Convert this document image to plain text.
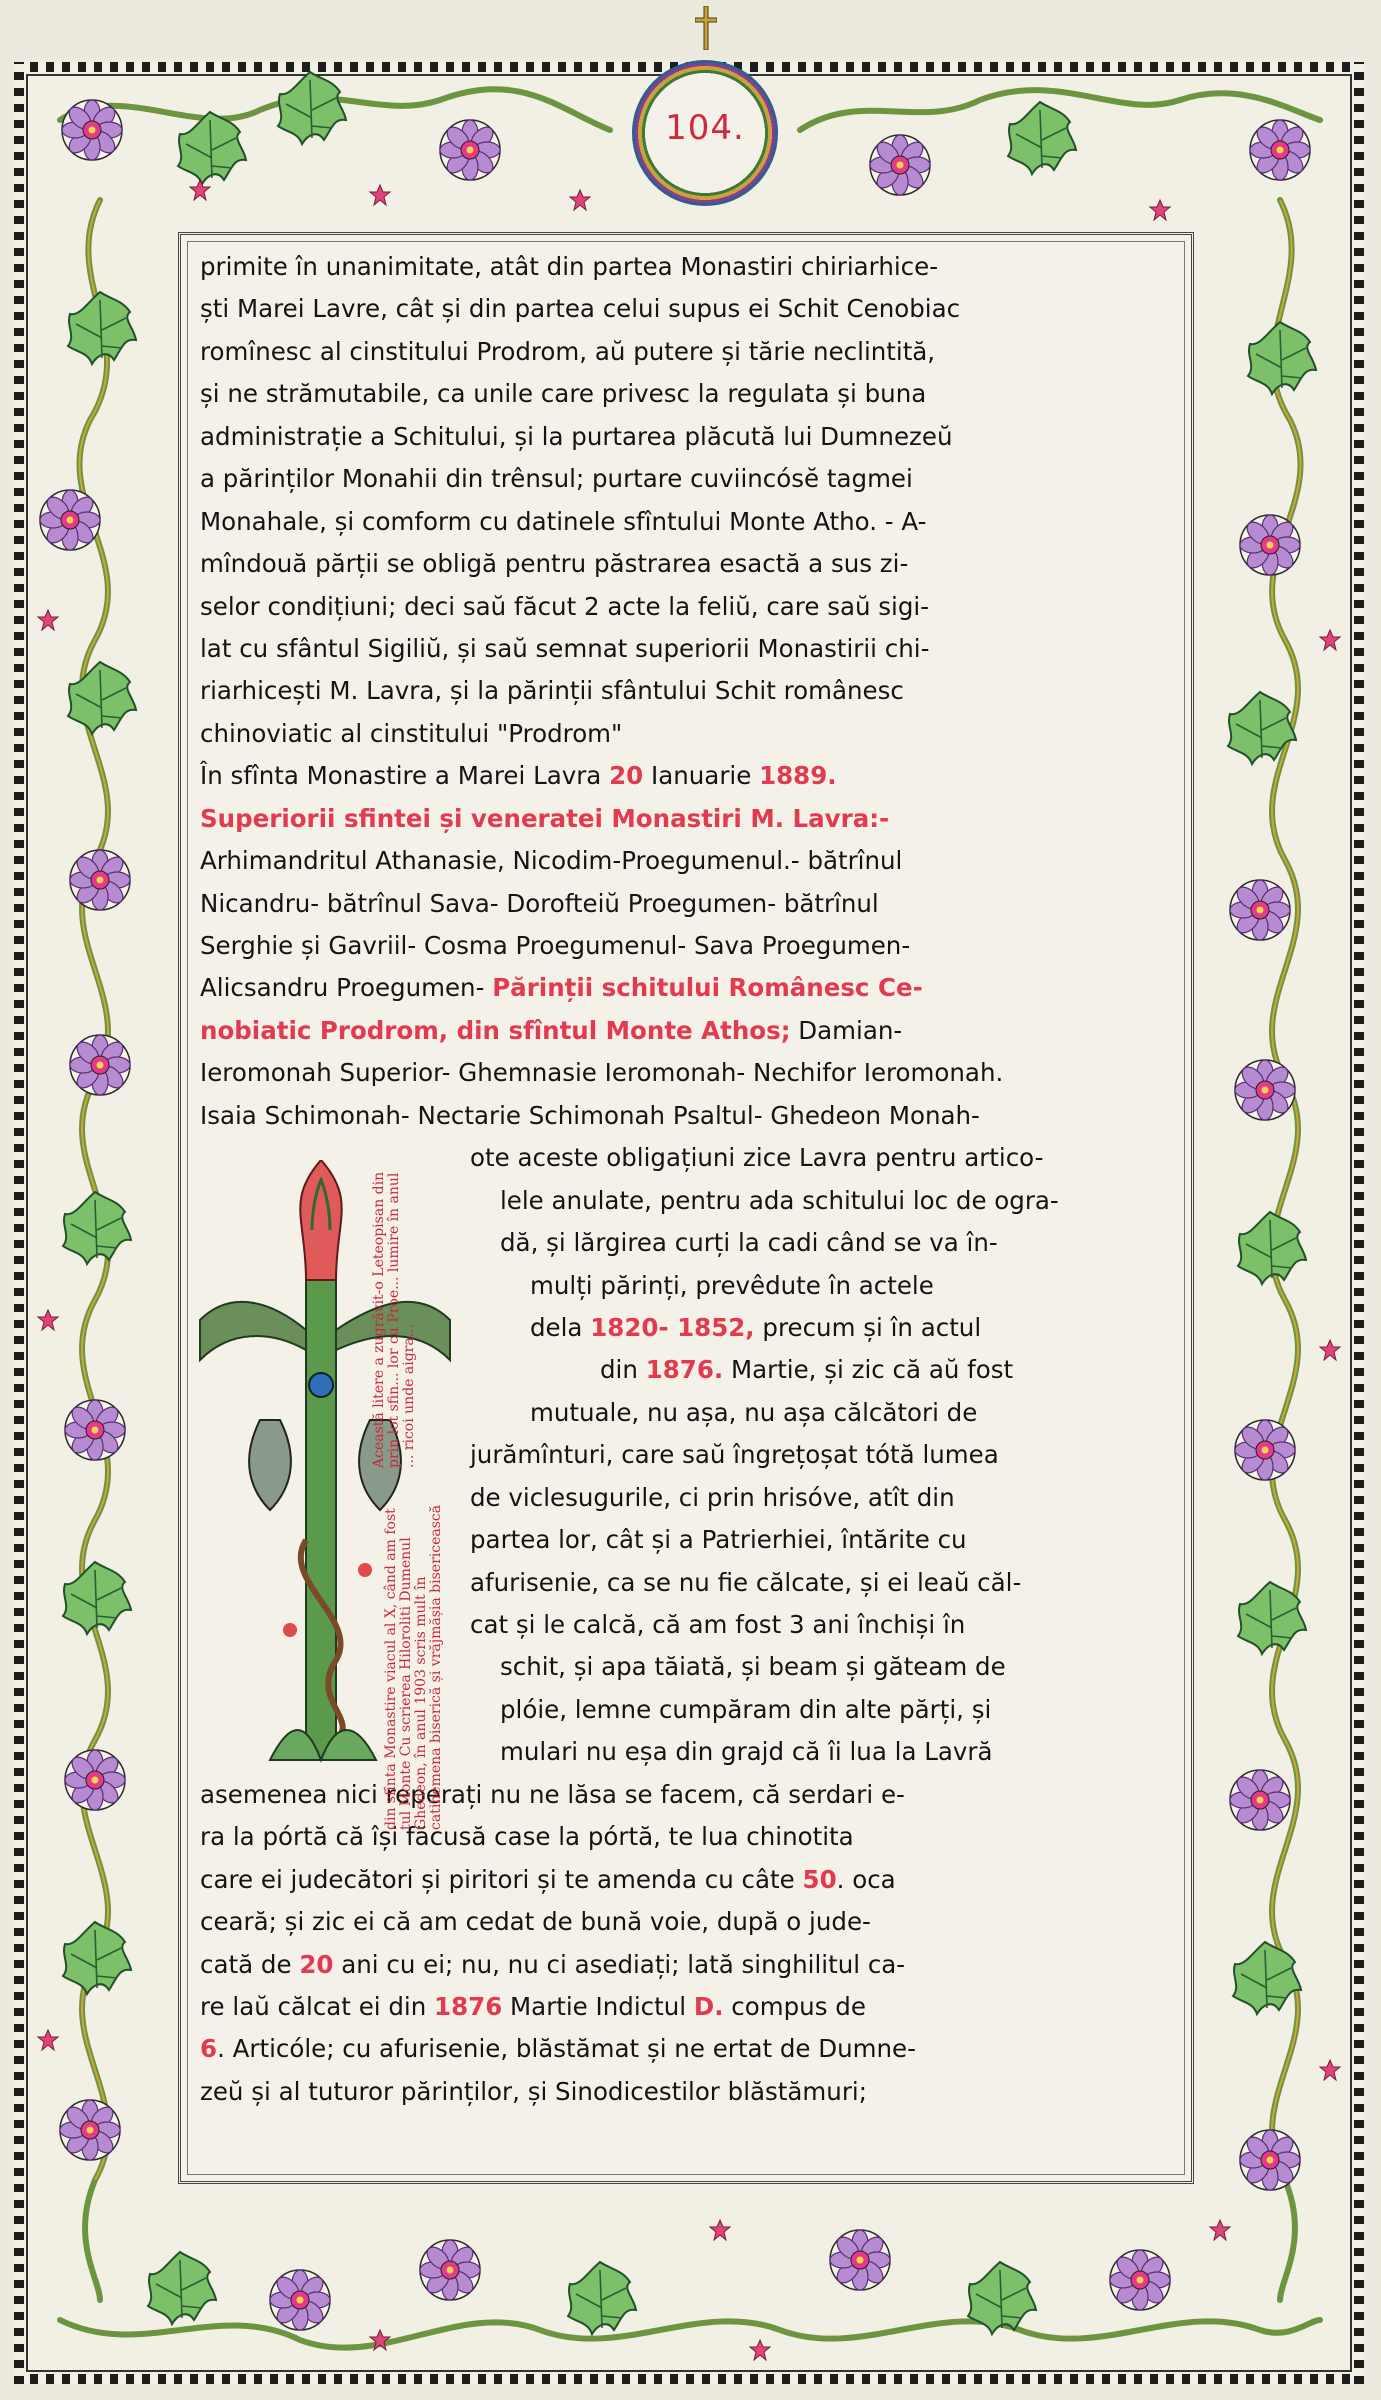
104.
primite în unanimitate, atât din partea Monastiri chiriarhice-
ști Marei Lavre, cât și din partea celui supus ei Schit Cenobiac
romînesc al cinstitului Prodrom, aŭ putere și tărie neclintită,
și ne strămutabile, ca unile care privesc la regulata și buna
administrație a Schitului, și la purtarea plăcută lui Dumnezeŭ
a părinților Monahii din trênsul; purtare cuviincósĕ tagmei
Monahale, și comform cu datinele sfîntului Monte Atho. - A-
mîndouă părții se obligă pentru păstrarea esactă a sus zi-
selor condițiuni; deci saŭ făcut 2 acte la feliŭ, care saŭ sigi-
lat cu sfântul Sigiliŭ, și saŭ semnat superiorii Monastirii chi-
riarhicești M. Lavra, și la părinții sfântului Schit românesc
chinoviatic al cinstitului "Prodrom"
În sfînta Monastire a Marei Lavra 20 Ianuarie 1889.
Superiorii sfintei și veneratei Monastiri M. Lavra:-
Arhimandritul Athanasie, Nicodim-Proegumenul.- bătrînul
Nicandru- bătrînul Sava- Dorofteiŭ Proegumen- bătrînul
Serghie și Gavriil- Cosma Proegumenul- Sava Proegumen-
Alicsandru Proegumen- Părinții schitului Românesc Ce-
nobiatic Prodrom, din sfîntul Monte Athos; Damian-
Ieromonah Superior- Ghemnasie Ieromonah- Nechifor Ieromonah.
Isaia Schimonah- Nectarie Schimonah Psaltul- Ghedeon Monah-
ote aceste obligațiuni zice Lavra pentru artico-
lele anulate, pentru ada schitului loc de ogra-
dă, și lărgirea curți la cadi când se va în-
mulți părinți, prevêdute în actele
dela 1820- 1852, precum și în actul
din 1876. Martie, și zic că aŭ fost
mutuale, nu așa, nu așa călcători de
jurămînturi, care saŭ îngrețoșat tótă lumea
de viclesugurile, ci prin hrisóve, atît din
partea lor, cât și a Patrierhiei, întărite cu
afurisenie, ca se nu fie călcate, și ei leaŭ căl-
cat și le calcă, că am fost 3 ani închiși în
schit, și apa tăiată, și beam și găteam de
plóie, lemne cumpăram din alte părți, și
mulari nu eșa din grajd că îi lua la Lavră
asemenea nici reperați nu ne lăsa se facem, că serdari e-
ra la pórtă că își făcusă case la pórtă, te lua chinotita
care ei judecători și piritori și te amenda cu câte 50. oca
ceară; și zic ei că am cedat de bună voie, după o jude-
cată de 20 ani cu ei; nu, nu ci asediați; lată singhilitul ca-
re laŭ călcat ei din 1876 Martie Indictul D. compus de
6. Articóle; cu afurisenie, blăstămat și ne ertat de Dumne-
zeŭ și al tuturor părinților, și Sinodicestilor blăstămuri;
Această litere a zugrăvit-o Leteopisan din prin lot sfin... lor cu Proe... lumire în anul ... ricoi unde aigra...
din sfînta Monastire viacul al X, când am fost tul Monte Cu scrierea Hiloroliti Dumenul Ghedeon, în anul 1903 scris mult în catihemena biserică și vrăjmășia bisericească
